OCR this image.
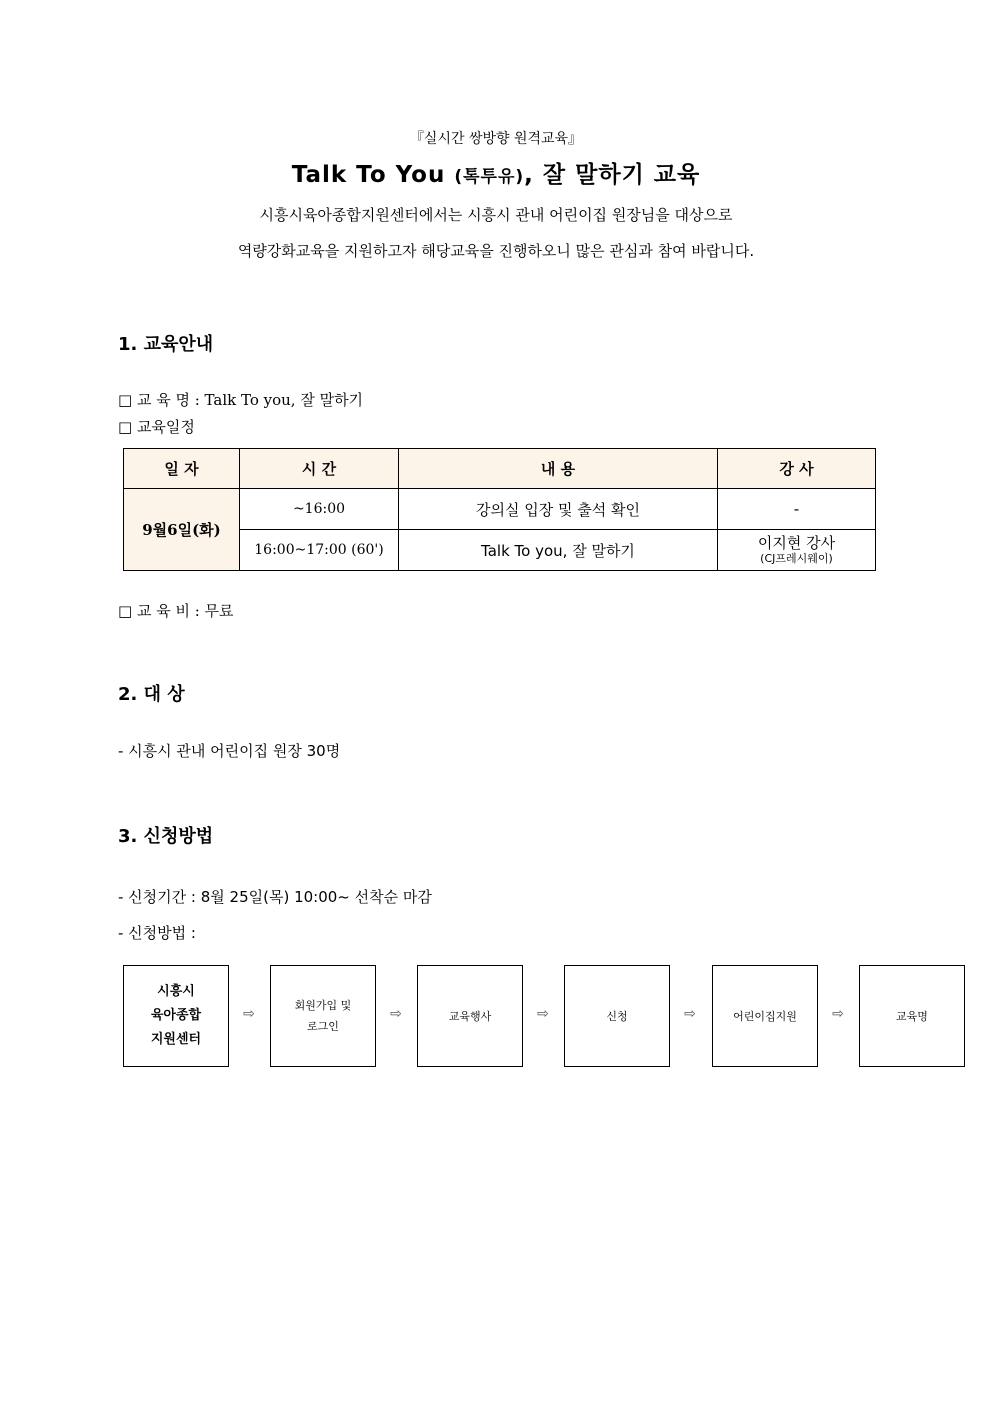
『실시간 쌍방향 원격교육』
Talk To You (톡투유), 잘 말하기 교육
시흥시육아종합지원센터에서는 시흥시 관내 어린이집 원장님을 대상으로
역량강화교육을 지원하고자 해당교육을 진행하오니 많은 관심과 참여 바랍니다.
1. 교육안내
□ 교 육 명 : Talk To you, 잘 말하기
□ 교육일정
일 자	시 간	내 용	강 사
9월6일(화)	~16:00	강의실 입장 및 출석 확인	-
	16:00~17:00 (60')	Talk To you, 잘 말하기	이지현 강사
(CJ프레시웨이)
□ 교 육 비 : 무료
2. 대 상
- 시흥시 관내 어린이집 원장 30명
3. 신청방법
- 신청기간 : 8월 25일(목) 10:00~ 선착순 마감
- 신청방법 :
시흥시
육아종합
지원센터
⇨
회원가입 및
로그인
⇨	교육행사	⇨	신청	⇨	어린이집지원	⇨	교육명
